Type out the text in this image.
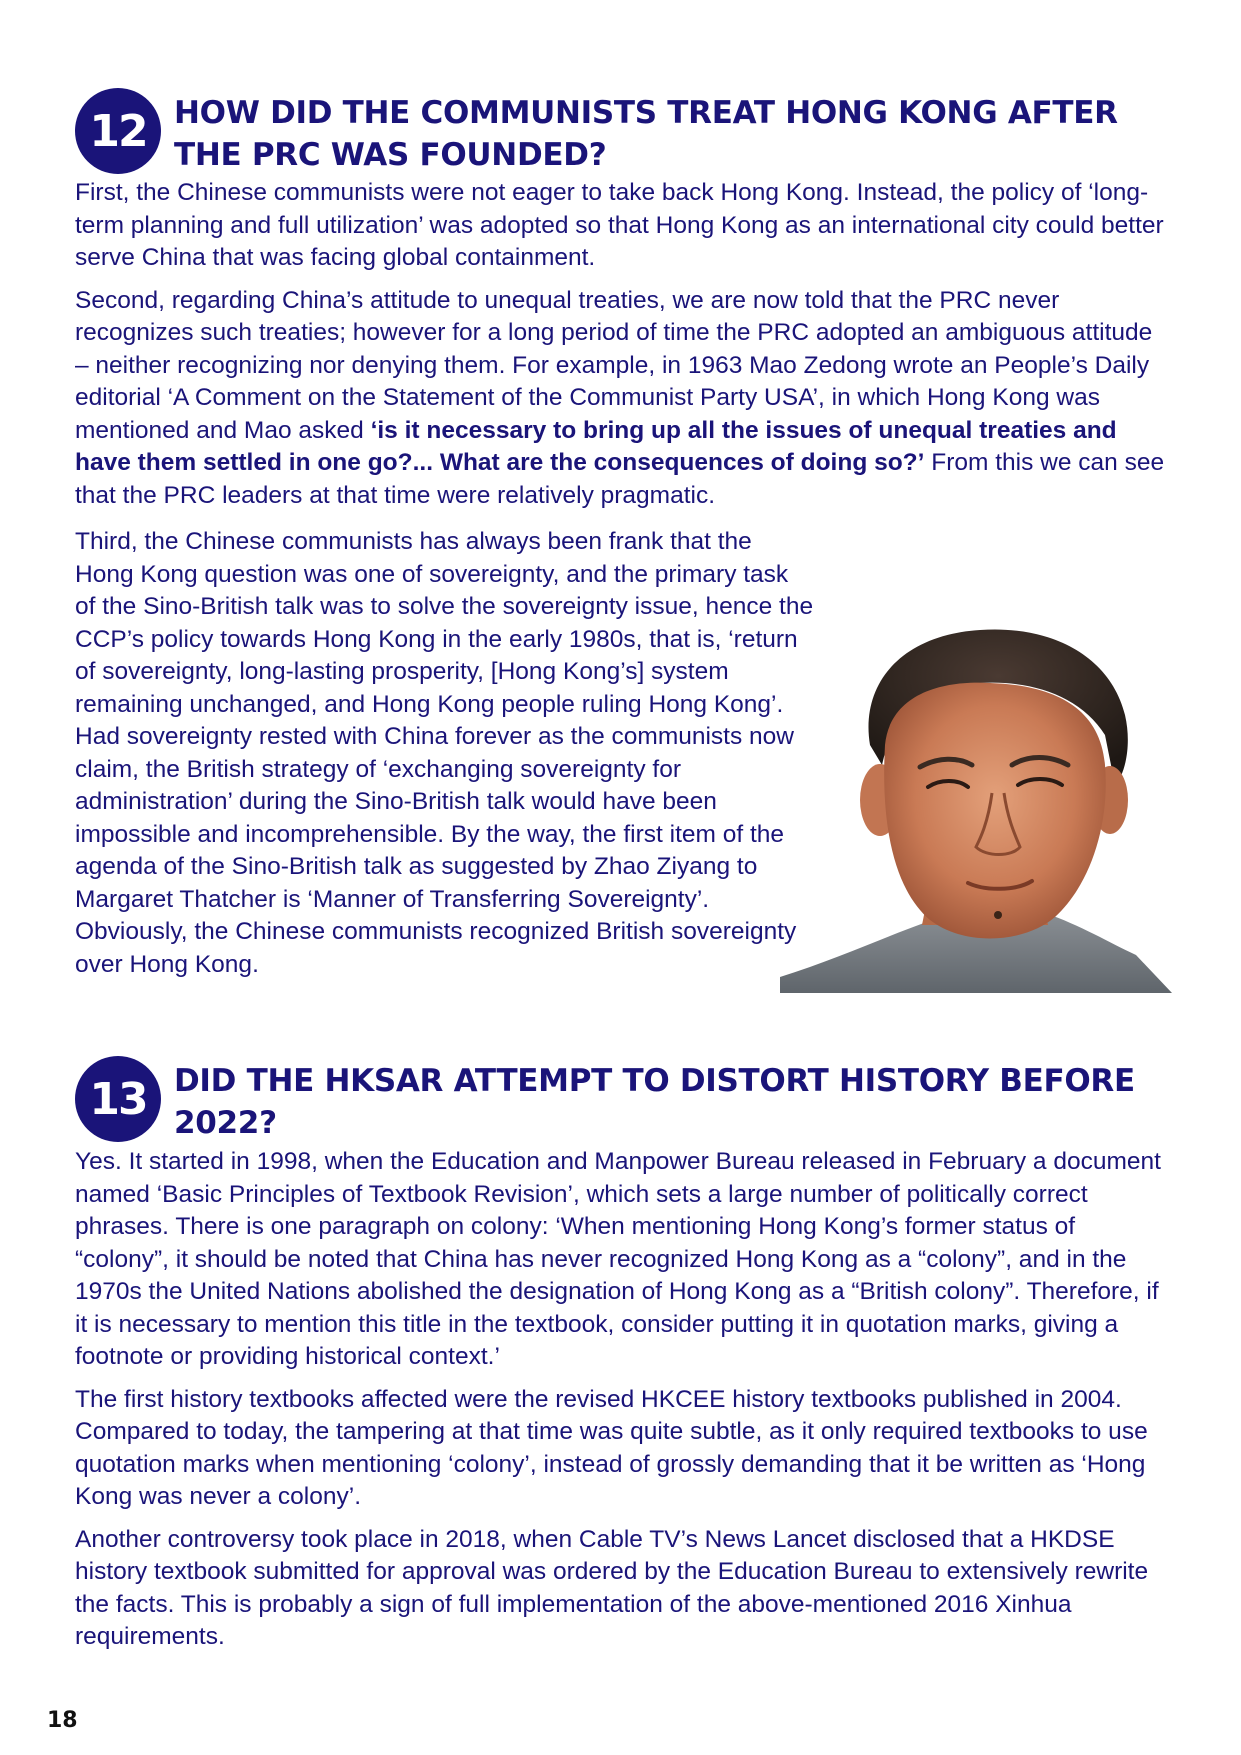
12 HOW DID THE COMMUNISTS TREAT HONG KONG AFTER THE PRC WAS FOUNDED?

First, the Chinese communists were not eager to take back Hong Kong. Instead, the policy of ‘long-term planning and full utilization’ was adopted so that Hong Kong as an international city could better serve China that was facing global containment.

Second, regarding China’s attitude to unequal treaties, we are now told that the PRC never recognizes such treaties; however for a long period of time the PRC adopted an ambiguous attitude – neither recognizing nor denying them. For example, in 1963 Mao Zedong wrote an People’s Daily editorial ‘A Comment on the Statement of the Communist Party USA’, in which Hong Kong was mentioned and Mao asked ‘is it necessary to bring up all the issues of unequal treaties and have them settled in one go?... What are the consequences of doing so?’ From this we can see that the PRC leaders at that time were relatively pragmatic.

Third, the Chinese communists has always been frank that the Hong Kong question was one of sovereignty, and the primary task of the Sino-British talk was to solve the sovereignty issue, hence the CCP’s policy towards Hong Kong in the early 1980s, that is, ‘return of sovereignty, long-lasting prosperity, [Hong Kong’s] system remaining unchanged, and Hong Kong people ruling Hong Kong’. Had sovereignty rested with China forever as the communists now claim, the British strategy of ‘exchanging sovereignty for administration’ during the Sino-British talk would have been impossible and incomprehensible. By the way, the first item of the agenda of the Sino-British talk as suggested by Zhao Ziyang to Margaret Thatcher is ‘Manner of Transferring Sovereignty’. Obviously, the Chinese communists recognized British sovereignty over Hong Kong.

13 DID THE HKSAR ATTEMPT TO DISTORT HISTORY BEFORE 2022?

Yes. It started in 1998, when the Education and Manpower Bureau released in February a document named ‘Basic Principles of Textbook Revision’, which sets a large number of politically correct phrases. There is one paragraph on colony: ‘When mentioning Hong Kong’s former status of “colony”, it should be noted that China has never recognized Hong Kong as a “colony”, and in the 1970s the United Nations abolished the designation of Hong Kong as a “British colony”. Therefore, if it is necessary to mention this title in the textbook, consider putting it in quotation marks, giving a footnote or providing historical context.’

The first history textbooks affected were the revised HKCEE history textbooks published in 2004. Compared to today, the tampering at that time was quite subtle, as it only required textbooks to use quotation marks when mentioning ‘colony’, instead of grossly demanding that it be written as ‘Hong Kong was never a colony’.

Another controversy took place in 2018, when Cable TV’s News Lancet disclosed that a HKDSE history textbook submitted for approval was ordered by the Education Bureau to extensively rewrite the facts. This is probably a sign of full implementation of the above-mentioned 2016 Xinhua requirements.

18
